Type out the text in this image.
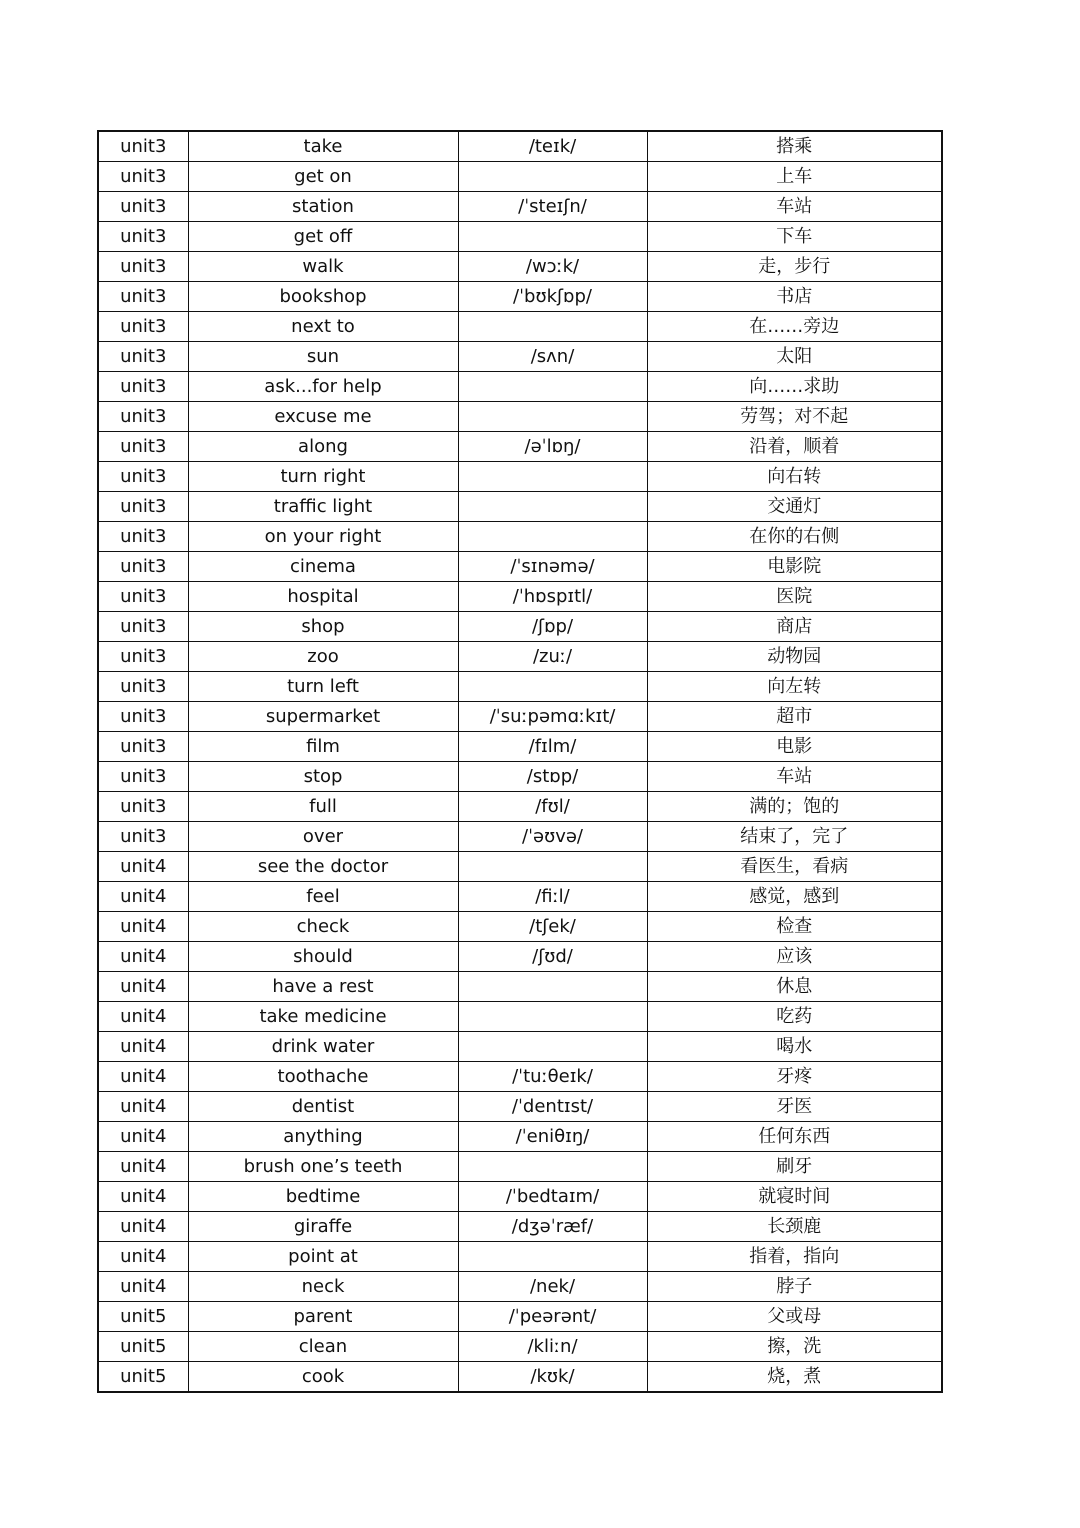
unit3	take	/teɪk/	搭乘
unit3	get on		上车
unit3	station	/ˈsteɪʃn/	车站
unit3	get off		下车
unit3	walk	/wɔːk/	走，步行
unit3	bookshop	/ˈbʊkʃɒp/	书店
unit3	next to		在……旁边
unit3	sun	/sʌn/	太阳
unit3	ask...for help		向……求助
unit3	excuse me		劳驾；对不起
unit3	along	/əˈlɒŋ/	沿着，顺着
unit3	turn right		向右转
unit3	traffic light		交通灯
unit3	on your right		在你的右侧
unit3	cinema	/ˈsɪnəmə/	电影院
unit3	hospital	/ˈhɒspɪtl/	医院
unit3	shop	/ʃɒp/	商店
unit3	zoo	/zuː/	动物园
unit3	turn left		向左转
unit3	supermarket	/ˈsuːpəmɑːkɪt/	超市
unit3	film	/fɪlm/	电影
unit3	stop	/stɒp/	车站
unit3	full	/fʊl/	满的；饱的
unit3	over	/ˈəʊvə/	结束了，完了
unit4	see the doctor		看医生，看病
unit4	feel	/fiːl/	感觉，感到
unit4	check	/tʃek/	检查
unit4	should	/ʃʊd/	应该
unit4	have a rest		休息
unit4	take medicine		吃药
unit4	drink water		喝水
unit4	toothache	/ˈtuːθeɪk/	牙疼
unit4	dentist	/ˈdentɪst/	牙医
unit4	anything	/ˈeniθɪŋ/	任何东西
unit4	brush one’s teeth		刷牙
unit4	bedtime	/ˈbedtaɪm/	就寝时间
unit4	giraffe	/dʒəˈræf/	长颈鹿
unit4	point at		指着，指向
unit4	neck	/nek/	脖子
unit5	parent	/ˈpeərənt/	父或母
unit5	clean	/kliːn/	擦，洗
unit5	cook	/kʊk/	烧，煮
